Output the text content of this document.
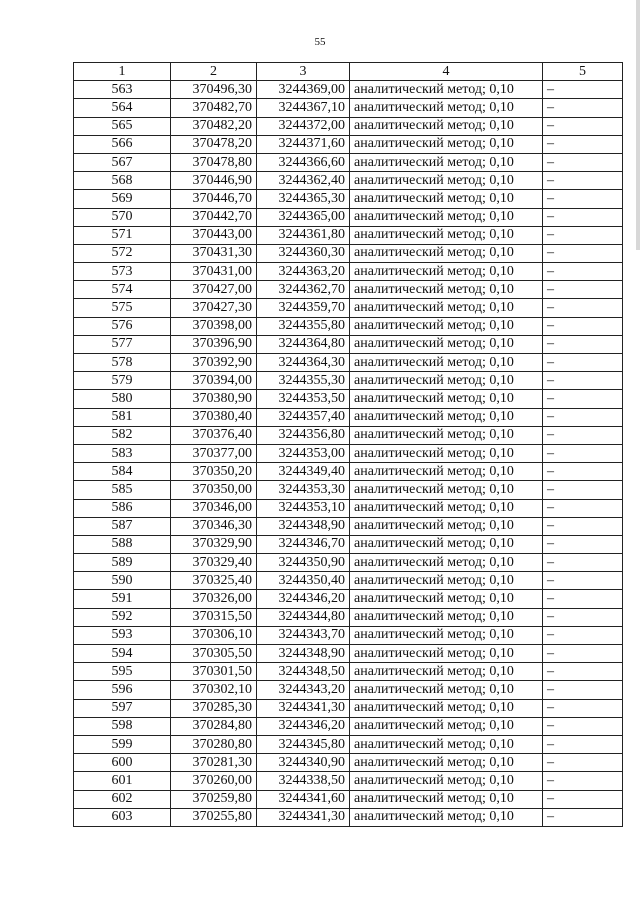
55
1	2	3	4	5
563	370496,30	3244369,00	аналитический метод; 0,10	–
564	370482,70	3244367,10	аналитический метод; 0,10	–
565	370482,20	3244372,00	аналитический метод; 0,10	–
566	370478,20	3244371,60	аналитический метод; 0,10	–
567	370478,80	3244366,60	аналитический метод; 0,10	–
568	370446,90	3244362,40	аналитический метод; 0,10	–
569	370446,70	3244365,30	аналитический метод; 0,10	–
570	370442,70	3244365,00	аналитический метод; 0,10	–
571	370443,00	3244361,80	аналитический метод; 0,10	–
572	370431,30	3244360,30	аналитический метод; 0,10	–
573	370431,00	3244363,20	аналитический метод; 0,10	–
574	370427,00	3244362,70	аналитический метод; 0,10	–
575	370427,30	3244359,70	аналитический метод; 0,10	–
576	370398,00	3244355,80	аналитический метод; 0,10	–
577	370396,90	3244364,80	аналитический метод; 0,10	–
578	370392,90	3244364,30	аналитический метод; 0,10	–
579	370394,00	3244355,30	аналитический метод; 0,10	–
580	370380,90	3244353,50	аналитический метод; 0,10	–
581	370380,40	3244357,40	аналитический метод; 0,10	–
582	370376,40	3244356,80	аналитический метод; 0,10	–
583	370377,00	3244353,00	аналитический метод; 0,10	–
584	370350,20	3244349,40	аналитический метод; 0,10	–
585	370350,00	3244353,30	аналитический метод; 0,10	–
586	370346,00	3244353,10	аналитический метод; 0,10	–
587	370346,30	3244348,90	аналитический метод; 0,10	–
588	370329,90	3244346,70	аналитический метод; 0,10	–
589	370329,40	3244350,90	аналитический метод; 0,10	–
590	370325,40	3244350,40	аналитический метод; 0,10	–
591	370326,00	3244346,20	аналитический метод; 0,10	–
592	370315,50	3244344,80	аналитический метод; 0,10	–
593	370306,10	3244343,70	аналитический метод; 0,10	–
594	370305,50	3244348,90	аналитический метод; 0,10	–
595	370301,50	3244348,50	аналитический метод; 0,10	–
596	370302,10	3244343,20	аналитический метод; 0,10	–
597	370285,30	3244341,30	аналитический метод; 0,10	–
598	370284,80	3244346,20	аналитический метод; 0,10	–
599	370280,80	3244345,80	аналитический метод; 0,10	–
600	370281,30	3244340,90	аналитический метод; 0,10	–
601	370260,00	3244338,50	аналитический метод; 0,10	–
602	370259,80	3244341,60	аналитический метод; 0,10	–
603	370255,80	3244341,30	аналитический метод; 0,10	–
